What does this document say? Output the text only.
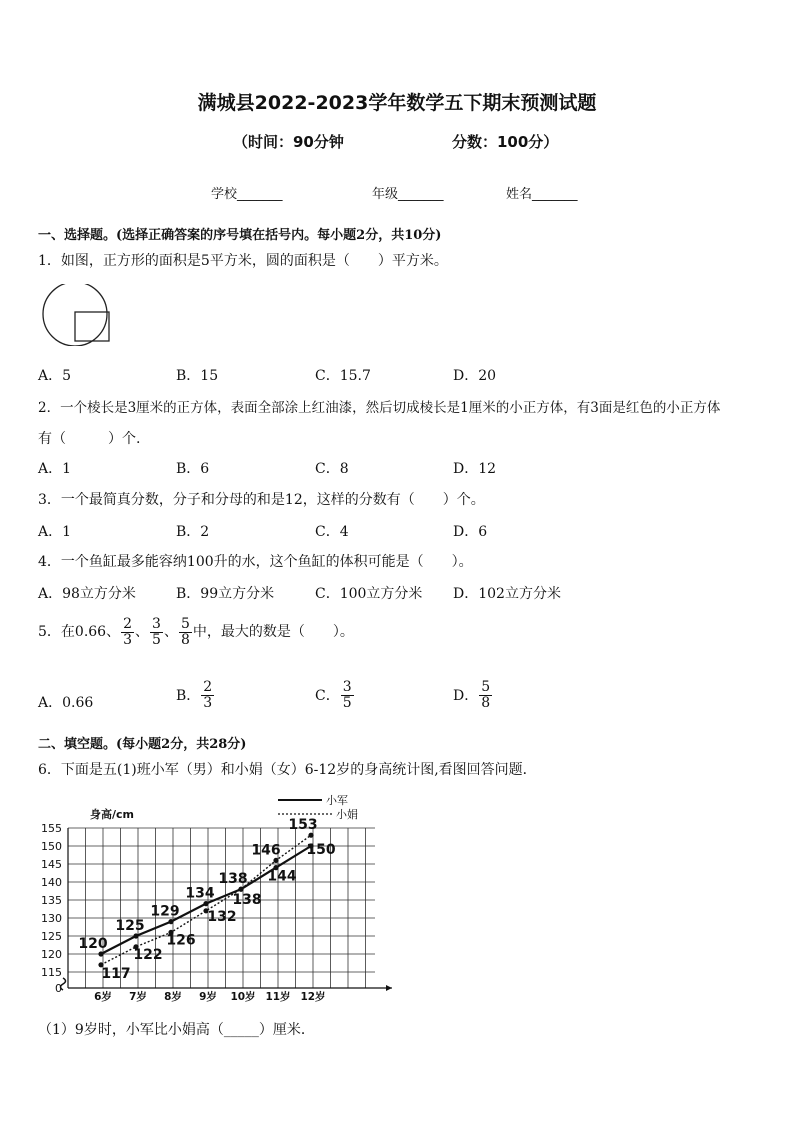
满城县2022-2023学年数学五下期末预测试题
（时间：90分钟	分数：100分）
学校_______	年级_______	姓名_______
一、选择题。(选择正确答案的序号填在括号内。每小题2分，共10分)
1．如图，正方形的面积是5平方米，圆的面积是（　　）平方米。
A．5	B．15	C．15.7	D．20
2．一个棱长是3厘米的正方体，表面全部涂上红油漆，然后切成棱长是1厘米的小正方体，有3面是红色的小正方体
有（　　　）个.
A．1	B．6	C．8	D．12
3．一个最简真分数，分子和分母的和是12，这样的分数有（　　）个。
A．1	B．2	C．4	D．6
4．一个鱼缸最多能容纳100升的水，这个鱼缸的体积可能是（　　）。
A．98立方分米	B．99立方分米	C．100立方分米 D．102立方分米
5．在0.66、 $\frac{2}{3}$ 、 $\frac{3}{5}$ 、 $\frac{5}{8}$ 中，最大的数是（　　）。
A．0.66	B． $\frac{2}{3}$	C． $\frac{3}{5}$	D． $\frac{5}{8}$
二、填空题。(每小题2分，共28分)
6．下面是五(1)班小军（男）和小娟（女）6-12岁的身高统计图,看图回答问题．
155
150
145
140
135
130
125
120
115
0
身高/cm
6岁 7岁 8岁 9岁 10岁 11岁 12岁
小军
小娟
120
125
129
134
138 144
150
117
122
126
132
138
146
153
（1）9岁时，小军比小娟高（_____）厘米．
